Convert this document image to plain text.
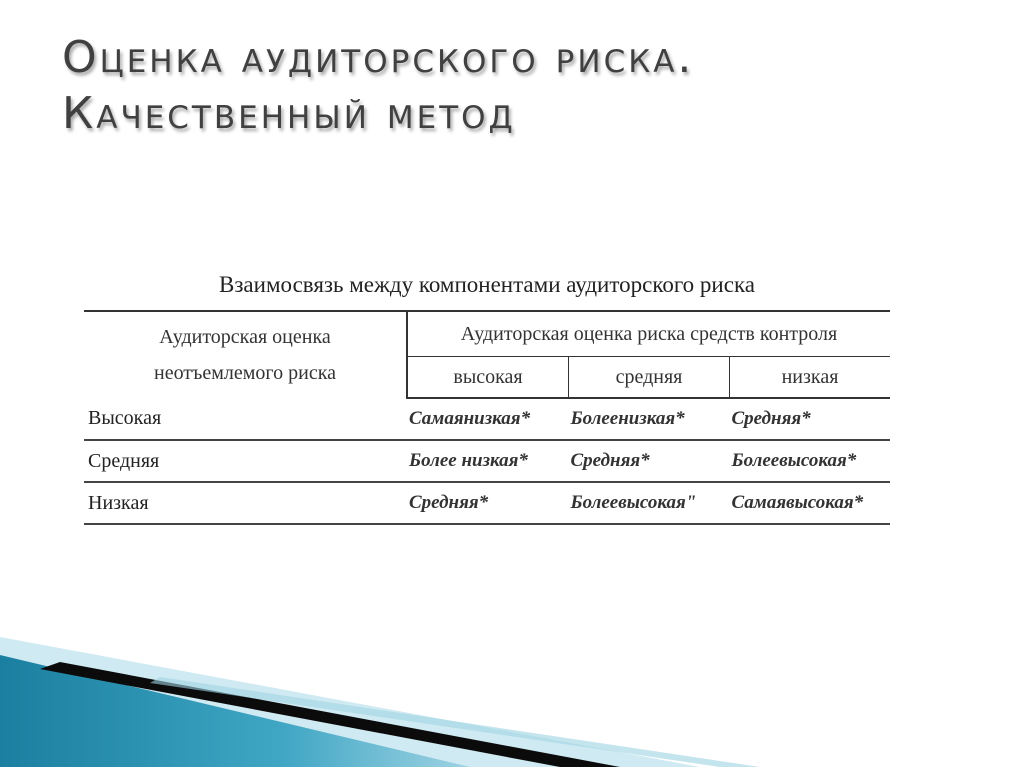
Оценка аудиторского риска.
Качественный метод
Взаимосвязь между компонентами аудиторского риска
Аудиторская оценка
неотъемлемого риска	Аудиторская оценка риска средств контроля		
	высокая	средняя	низкая
Высокая	Самаянизкая*	Болеенизкая*	Средняя*
Средняя	Более низкая*	Средняя*	Болеевысокая*
Низкая	Средняя*	Болеевысокая"	Самаявысокая*
